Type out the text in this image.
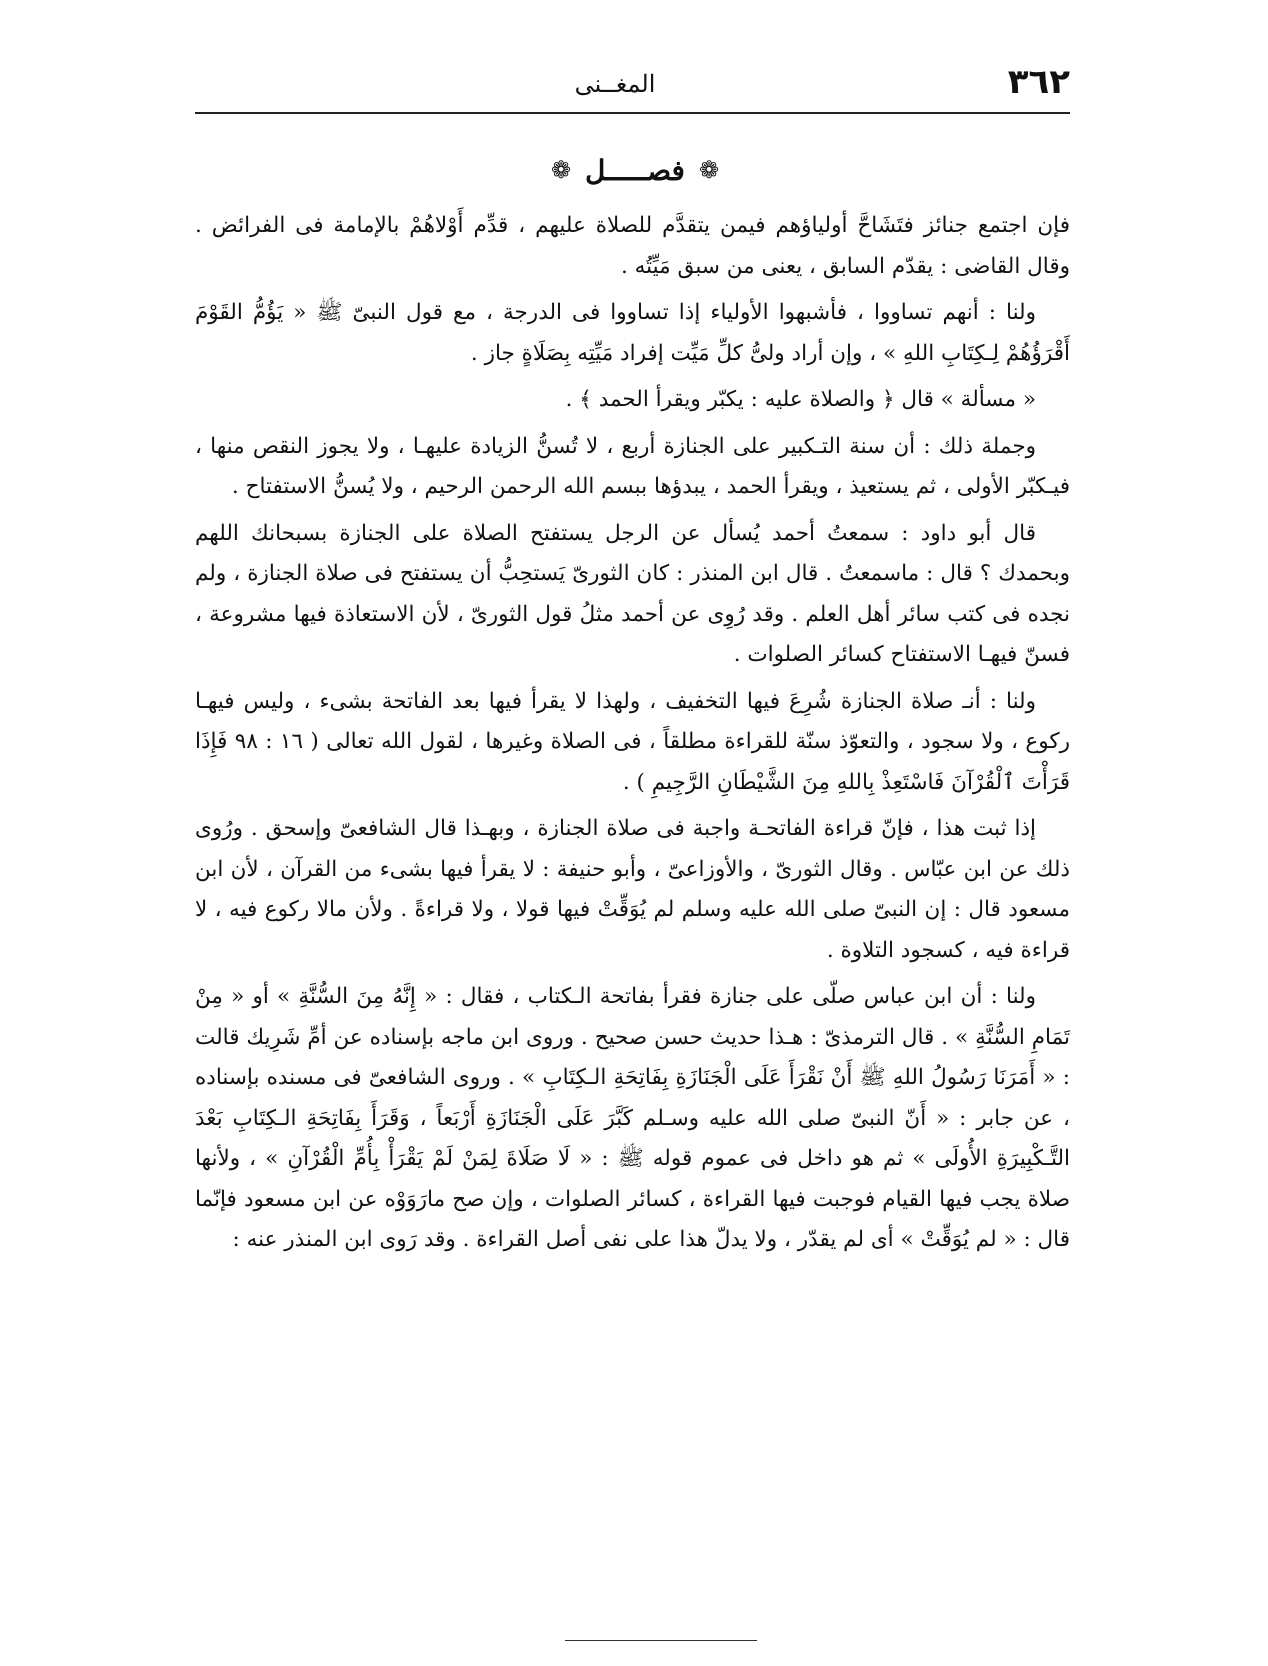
٣٦٢
المغــنى
❁ فصـــــل ❁

فإن اجتمع جنائز فتَشَاحَّ أولياؤهم فيمن يتقدَّم للصلاة عليهم ، قدِّم أَوْلاهُمْ بالإمامة فى الفرائض . وقال القاضى : يقدّم السابق ، يعنى من سبق مَيِّتُه .

ولنا : أنهم تساووا ، فأشبهوا الأولياء إذا تساووا فى الدرجة ، مع قول النبىّ ﷺ « يَؤُمُّ القَوْمَ أَقْرَؤُهُمْ لِـكِتَابِ اللهِ » ، وإن أراد ولىُّ كلِّ مَيِّت إفراد مَيِّتِه بِصَلَاةٍ جاز .

« مسألة » قال ﴿ والصلاة عليه : يكبّر ويقرأ الحمد ﴾ .

وجملة ذلك : أن سنة التـكبير على الجنازة أربع ، لا تُسنُّ الزيادة عليهـا ، ولا يجوز النقص منها ، فيـكبّر الأولى ، ثم يستعيذ ، ويقرأ الحمد ، يبدؤها ببسم الله الرحمن الرحيم ، ولا يُسنُّ الاستفتاح .

قال أبو داود : سمعتُ أحمد يُسأل عن الرجل يستفتح الصلاة على الجنازة بسبحانك اللهم وبحمدك ؟ قال : ماسمعتُ . قال ابن المنذر : كان الثورىّ يَستحِبُّ أن يستفتح فى صلاة الجنازة ، ولم نجده فى كتب سائر أهل العلم . وقد رُوِى عن أحمد مثلُ قول الثورىّ ، لأن الاستعاذة فيها مشروعة ، فسنّ فيهـا الاستفتاح كسائر الصلوات .

ولنا : أنـ صلاة الجنازة شُرِعَ فيها التخفيف ، ولهذا لا يقرأ فيها بعد الفاتحة بشىء ، وليس فيهـا ركوع ، ولا سجود ، والتعوّذ سنّة للقراءة مطلقاً ، فى الصلاة وغيرها ، لقول الله تعالى ( ١٦ : ٩٨ فَإِذَا قَرَأْتَ ٱلْقُرْآنَ فَاسْتَعِذْ بِاللهِ مِنَ الشَّيْطَانِ الرَّجِيمِ ) .

إذا ثبت هذا ، فإنّ قراءة الفاتحـة واجبة فى صلاة الجنازة ، وبهـذا قال الشافعىّ وإسحق . ورُوى ذلك عن ابن عبّاس . وقال الثورىّ ، والأوزاعىّ ، وأبو حنيفة : لا يقرأ فيها بشىء من القرآن ، لأن ابن مسعود قال : إن النبىّ صلى الله عليه وسلم لم يُوَقِّتْ فيها قولا ، ولا قراءةً . ولأن مالا ركوع فيه ، لا قراءة فيه ، كسجود التلاوة .

ولنا : أن ابن عباس صلّى على جنازة فقرأ بفاتحة الـكتاب ، فقال : « إِنَّهُ مِنَ السُّنَّةِ » أو « مِنْ تَمَامِ السُّنَّةِ » . قال الترمذىّ : هـذا حديث حسن صحيح . وروى ابن ماجه بإسناده عن أمِّ شَرِيك قالت : « أَمَرَنَا رَسُولُ اللهِ ﷺ أَنْ نَقْرَأَ عَلَى الْجَنَازَةِ بِفَاتِحَةِ الـكِتَابِ » . وروى الشافعىّ فى مسنده بإسناده ، عن جابر : « أَنّ النبىّ صلى الله عليه وسـلم كَبَّرَ عَلَى الْجَنَازَةِ أَرْبَعاً ، وَقَرَأَ بِفَاتِحَةِ الـكِتَابِ بَعْدَ التَّـكْبِيرَةِ الأُولَى » ثم هو داخل فى عموم قوله ﷺ : « لَا صَلَاةَ لِمَنْ لَمْ يَقْرَأْ بِأُمِّ الْقُرْآنِ » ، ولأنها صلاة يجب فيها القيام فوجبت فيها القراءة ، كسائر الصلوات ، وإن صح مارَوَوْه عن ابن مسعود فإنّما قال : « لم يُوَقِّتْ » أى لم يقدّر ، ولا يدلّ هذا على نفى أصل القراءة . وقد رَوى ابن المنذر عنه :
